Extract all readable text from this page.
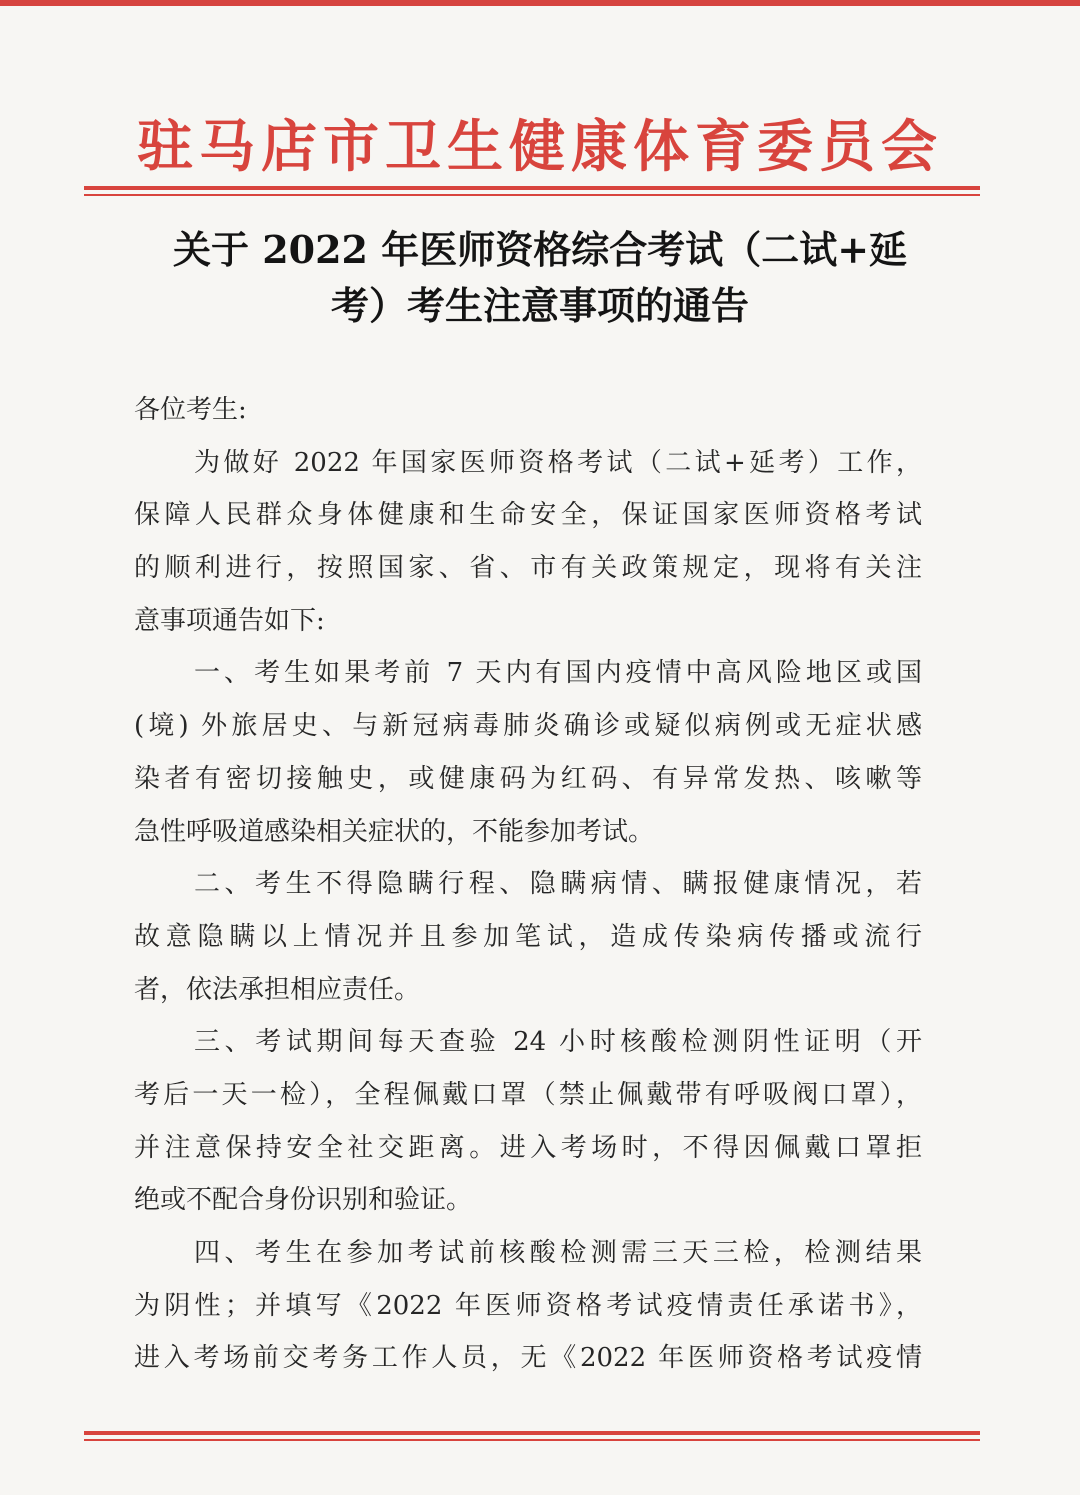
驻马店市卫生健康体育委员会
关于 2022 年医师资格综合考试（二试+延
考）考生注意事项的通告
各位考生:
为做好 2022 年国家医师资格考试（二试+延考）工作，
保障人民群众身体健康和生命安全，保证国家医师资格考试
的顺利进行，按照国家、省、市有关政策规定，现将有关注
意事项通告如下:
一、考生如果考前 7 天内有国内疫情中高风险地区或国
(境) 外旅居史、与新冠病毒肺炎确诊或疑似病例或无症状感
染者有密切接触史，或健康码为红码、有异常发热、咳嗽等
急性呼吸道感染相关症状的，不能参加考试。
二、考生不得隐瞒行程、隐瞒病情、瞒报健康情况，若
故意隐瞒以上情况并且参加笔试，造成传染病传播或流行
者，依法承担相应责任。
三、考试期间每天查验 24 小时核酸检测阴性证明（开
考后一天一检），全程佩戴口罩（禁止佩戴带有呼吸阀口罩），
并注意保持安全社交距离。进入考场时，不得因佩戴口罩拒
绝或不配合身份识别和验证。
四、考生在参加考试前核酸检测需三天三检，检测结果
为阴性；并填写《2022 年医师资格考试疫情责任承诺书》，
进入考场前交考务工作人员，无《2022 年医师资格考试疫情
